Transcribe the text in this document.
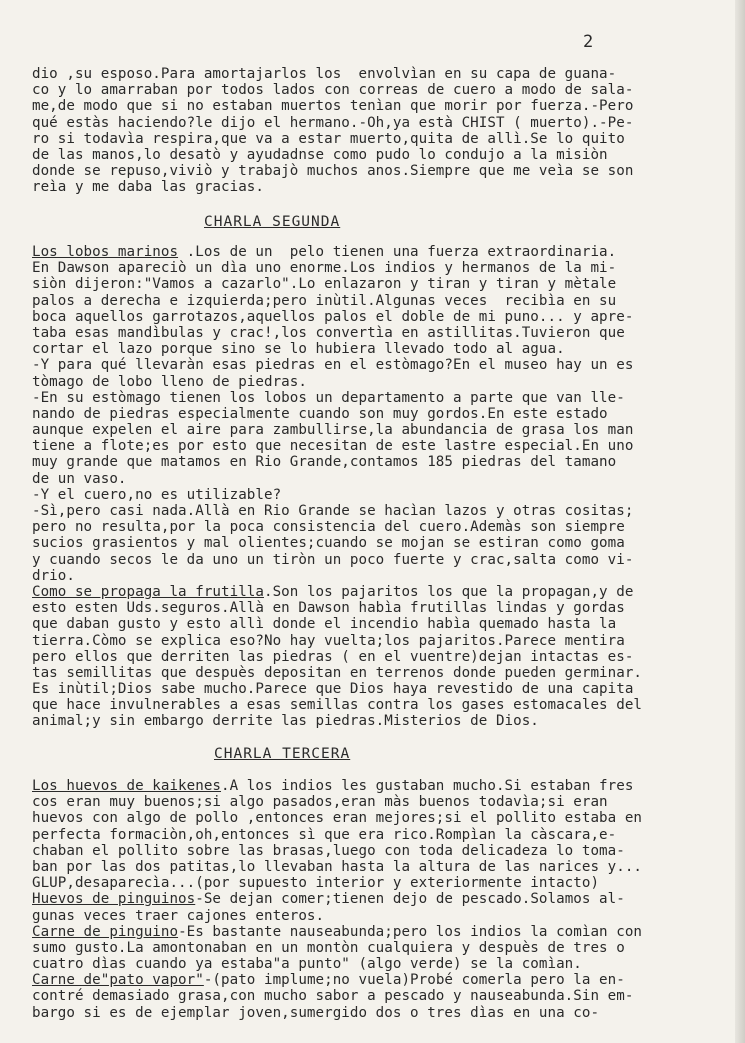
2
dio ,su esposo.Para amortajarlos los  envolvìan en su capa de guana-
co y lo amarraban por todos lados con correas de cuero a modo de sala-
me,de modo que si no estaban muertos tenìan que morir por fuerza.-Pero
qué estàs haciendo?le dijo el hermano.-Oh,ya està CHIST ( muerto).-Pe-
ro si todavìa respira,que va a estar muerto,quita de allì.Se lo quito
de las manos,lo desatò y ayudadnse como pudo lo condujo a la misiòn
donde se repuso,viviò y trabajò muchos anos.Siempre que me veìa se son
reìa y me daba las gracias.
CHARLA SEGUNDA
Los lobos marinos .Los de un  pelo tienen una fuerza extraordinaria.
En Dawson apareciò un dìa uno enorme.Los indios y hermanos de la mi-
siòn dijeron:"Vamos a cazarlo".Lo enlazaron y tiran y tiran y mètale
palos a derecha e izquierda;pero inùtil.Algunas veces  recibìa en su
boca aquellos garrotazos,aquellos palos el doble de mi puno... y apre-
taba esas mandìbulas y crac!,los convertìa en astillitas.Tuvieron que
cortar el lazo porque sino se lo hubiera llevado todo al agua.
-Y para qué llevaràn esas piedras en el estòmago?En el museo hay un es
tòmago de lobo lleno de piedras.
-En su estòmago tienen los lobos un departamento a parte que van lle-
nando de piedras especialmente cuando son muy gordos.En este estado
aunque expelen el aire para zambullirse,la abundancia de grasa los man
tiene a flote;es por esto que necesitan de este lastre especial.En uno
muy grande que matamos en Rio Grande,contamos 185 piedras del tamano
de un vaso.
-Y el cuero,no es utilizable?
-Sì,pero casi nada.Allà en Rio Grande se hacìan lazos y otras cositas;
pero no resulta,por la poca consistencia del cuero.Ademàs son siempre
sucios grasientos y mal olientes;cuando se mojan se estiran como goma
y cuando secos le da uno un tiròn un poco fuerte y crac,salta como vi-
drio.
Como se propaga la frutilla.Son los pajaritos los que la propagan,y de
esto esten Uds.seguros.Allà en Dawson habìa frutillas lindas y gordas
que daban gusto y esto allì donde el incendio habìa quemado hasta la
tierra.Còmo se explica eso?No hay vuelta;los pajaritos.Parece mentira
pero ellos que derriten las piedras ( en el vuentre)dejan intactas es-
tas semillitas que despuès depositan en terrenos donde pueden germinar.
Es inùtil;Dios sabe mucho.Parece que Dios haya revestido de una capita
que hace invulnerables a esas semillas contra los gases estomacales del
animal;y sin embargo derrite las piedras.Misterios de Dios.
CHARLA TERCERA
Los huevos de kaikenes.A los indios les gustaban mucho.Si estaban fres
cos eran muy buenos;si algo pasados,eran màs buenos todavìa;si eran
huevos con algo de pollo ,entonces eran mejores;si el pollito estaba en
perfecta formaciòn,oh,entonces sì que era rico.Rompìan la càscara,e-
chaban el pollito sobre las brasas,luego con toda delicadeza lo toma-
ban por las dos patitas,lo llevaban hasta la altura de las narices y...
GLUP,desaparecìa...(por supuesto interior y exteriormente intacto)
Huevos de pinguinos-Se dejan comer;tienen dejo de pescado.Solamos al-
gunas veces traer cajones enteros.
Carne de pinguino-Es bastante nauseabunda;pero los indios la comìan con
sumo gusto.La amontonaban en un montòn cualquiera y despuès de tres o
cuatro dìas cuando ya estaba"a punto" (algo verde) se la comìan.
Carne de"pato vapor"-(pato implume;no vuela)Probé comerla pero la en-
contré demasiado grasa,con mucho sabor a pescado y nauseabunda.Sin em-
bargo si es de ejemplar joven,sumergido dos o tres dìas en una co-
